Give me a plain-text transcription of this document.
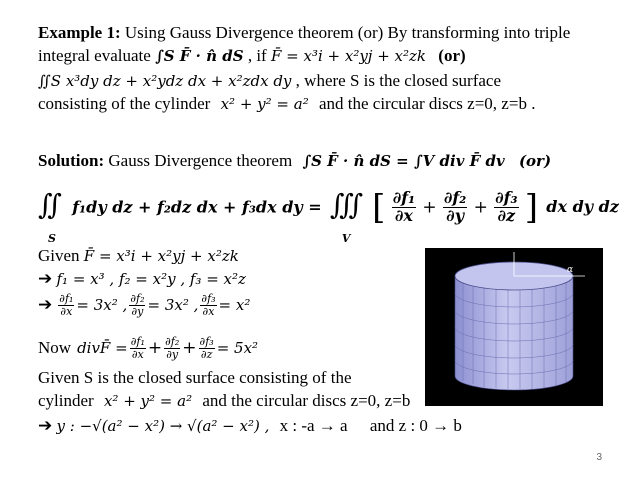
Example 1: Using Gauss Divergence theorem (or) By transforming into triple
integral evaluate ∫S F̄ · n̂ dS , if F̄ = x³i + x²yj + x²zk (or)
∬S x³dy dz + x²ydz dx + x²zdx dy , where S is the closed surface
consisting of the cylinder x² + y² = a² and the circular discs z=0, z=b .
Solution: Gauss Divergence theorem ∫S F̄ · n̂ dS = ∫V div F̄ dv (or)
∬
S
f₁dy dz + f₂dz dx + f₃dx dy = ∭
V
[ $\frac{\text{∂f₁}}{\partial x} + \frac{\text{∂f₂}}{\partial y} + \frac{\text{∂f₃}}{\partial z}$ ] dx dy dz
Given F̄ = x³i + x²yj + x²zk
➔ f₁ = x³ , f₂ = x²y , f₃ = x²z
➔ $\frac{\text{∂f₁}}{\partial x} = 3x^2$ , $\frac{\text{∂f₂}}{\partial y} = 3x^2$ , $\frac{\text{∂f₃}}{\partial x} = x^2$
Now divF̄ = $\frac{\text{∂f₁}}{\partial x} + \frac{\text{∂f₂}}{\partial y} + \frac{\text{∂f₃}}{\partial z} = 5x^2$
Given S is the closed surface consisting of the
cylinder x² + y² = a² and the circular discs z=0, z=b
➔ y : −√(a² − x²) → √(a² − x²) , x : -a → a and z : 0 → b
α
3
